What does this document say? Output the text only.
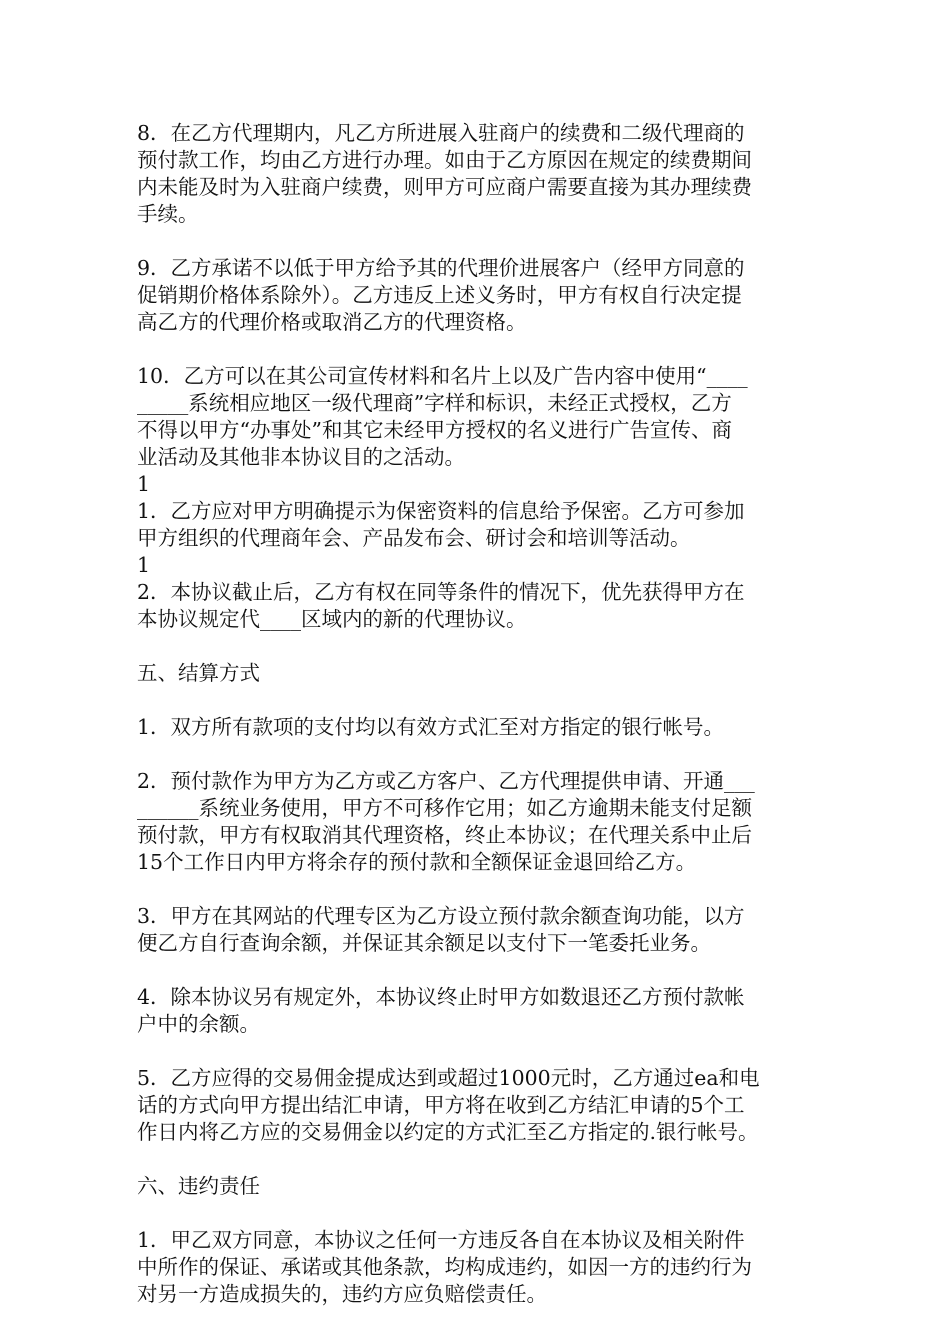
8．在乙方代理期内，凡乙方所进展入驻商户的续费和二级代理商的
预付款工作，均由乙方进行办理。如由于乙方原因在规定的续费期间
内未能及时为入驻商户续费，则甲方可应商户需要直接为其办理续费
手续。

9．乙方承诺不以低于甲方给予其的代理价进展客户（经甲方同意的
促销期价格体系除外）。乙方违反上述义务时，甲方有权自行决定提
高乙方的代理价格或取消乙方的代理资格。

10．乙方可以在其公司宣传材料和名片上以及广告内容中使用“____
_____系统相应地区一级代理商”字样和标识，未经正式授权，乙方
不得以甲方“办事处”和其它未经甲方授权的名义进行广告宣传、商
业活动及其他非本协议目的之活动。

1

1．乙方应对甲方明确提示为保密资料的信息给予保密。乙方可参加
甲方组织的代理商年会、产品发布会、研讨会和培训等活动。

1

2．本协议截止后，乙方有权在同等条件的情况下，优先获得甲方在
本协议规定代____区域内的新的代理协议。

五、结算方式

1．双方所有款项的支付均以有效方式汇至对方指定的银行帐号。

2．预付款作为甲方为乙方或乙方客户、乙方代理提供申请、开通___
______系统业务使用，甲方不可移作它用；如乙方逾期未能支付足额
预付款，甲方有权取消其代理资格，终止本协议；在代理关系中止后
15个工作日内甲方将余存的预付款和全额保证金退回给乙方。

3．甲方在其网站的代理专区为乙方设立预付款余额查询功能，以方
便乙方自行查询余额，并保证其余额足以支付下一笔委托业务。

4．除本协议另有规定外，本协议终止时甲方如数退还乙方预付款帐
户中的余额。

5．乙方应得的交易佣金提成达到或超过1000元时，乙方通过ea和电
话的方式向甲方提出结汇申请，甲方将在收到乙方结汇申请的5个工
作日内将乙方应的交易佣金以约定的方式汇至乙方指定的.银行帐号。

六、违约责任

1．甲乙双方同意，本协议之任何一方违反各自在本协议及相关附件
中所作的保证、承诺或其他条款，均构成违约，如因一方的违约行为
对另一方造成损失的，违约方应负赔偿责任。
